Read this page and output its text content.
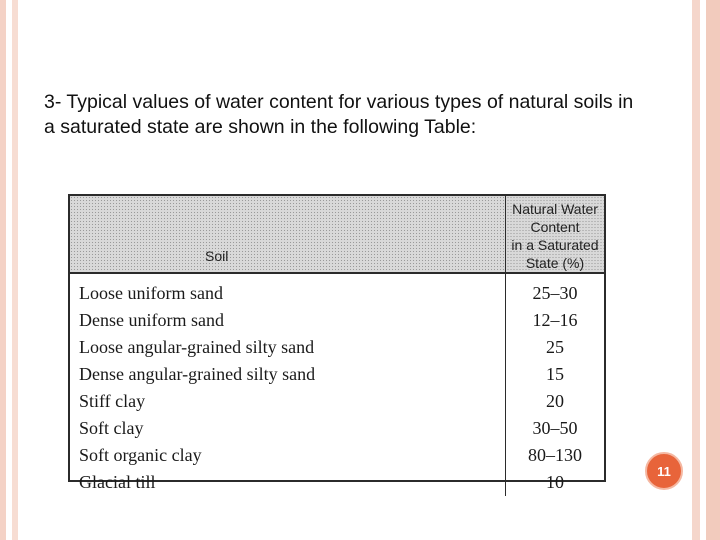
3- Typical values of water content for various types of natural soils in a saturated state are shown in the following Table:

Soil	Natural Water Content
in a Saturated State (%)

Loose uniform sand	25–30
Dense uniform sand	12–16
Loose angular-grained silty sand	25
Dense angular-grained silty sand	15
Stiff clay	20
Soft clay	30–50
Soft organic clay	80–130
Glacial till	10
11
